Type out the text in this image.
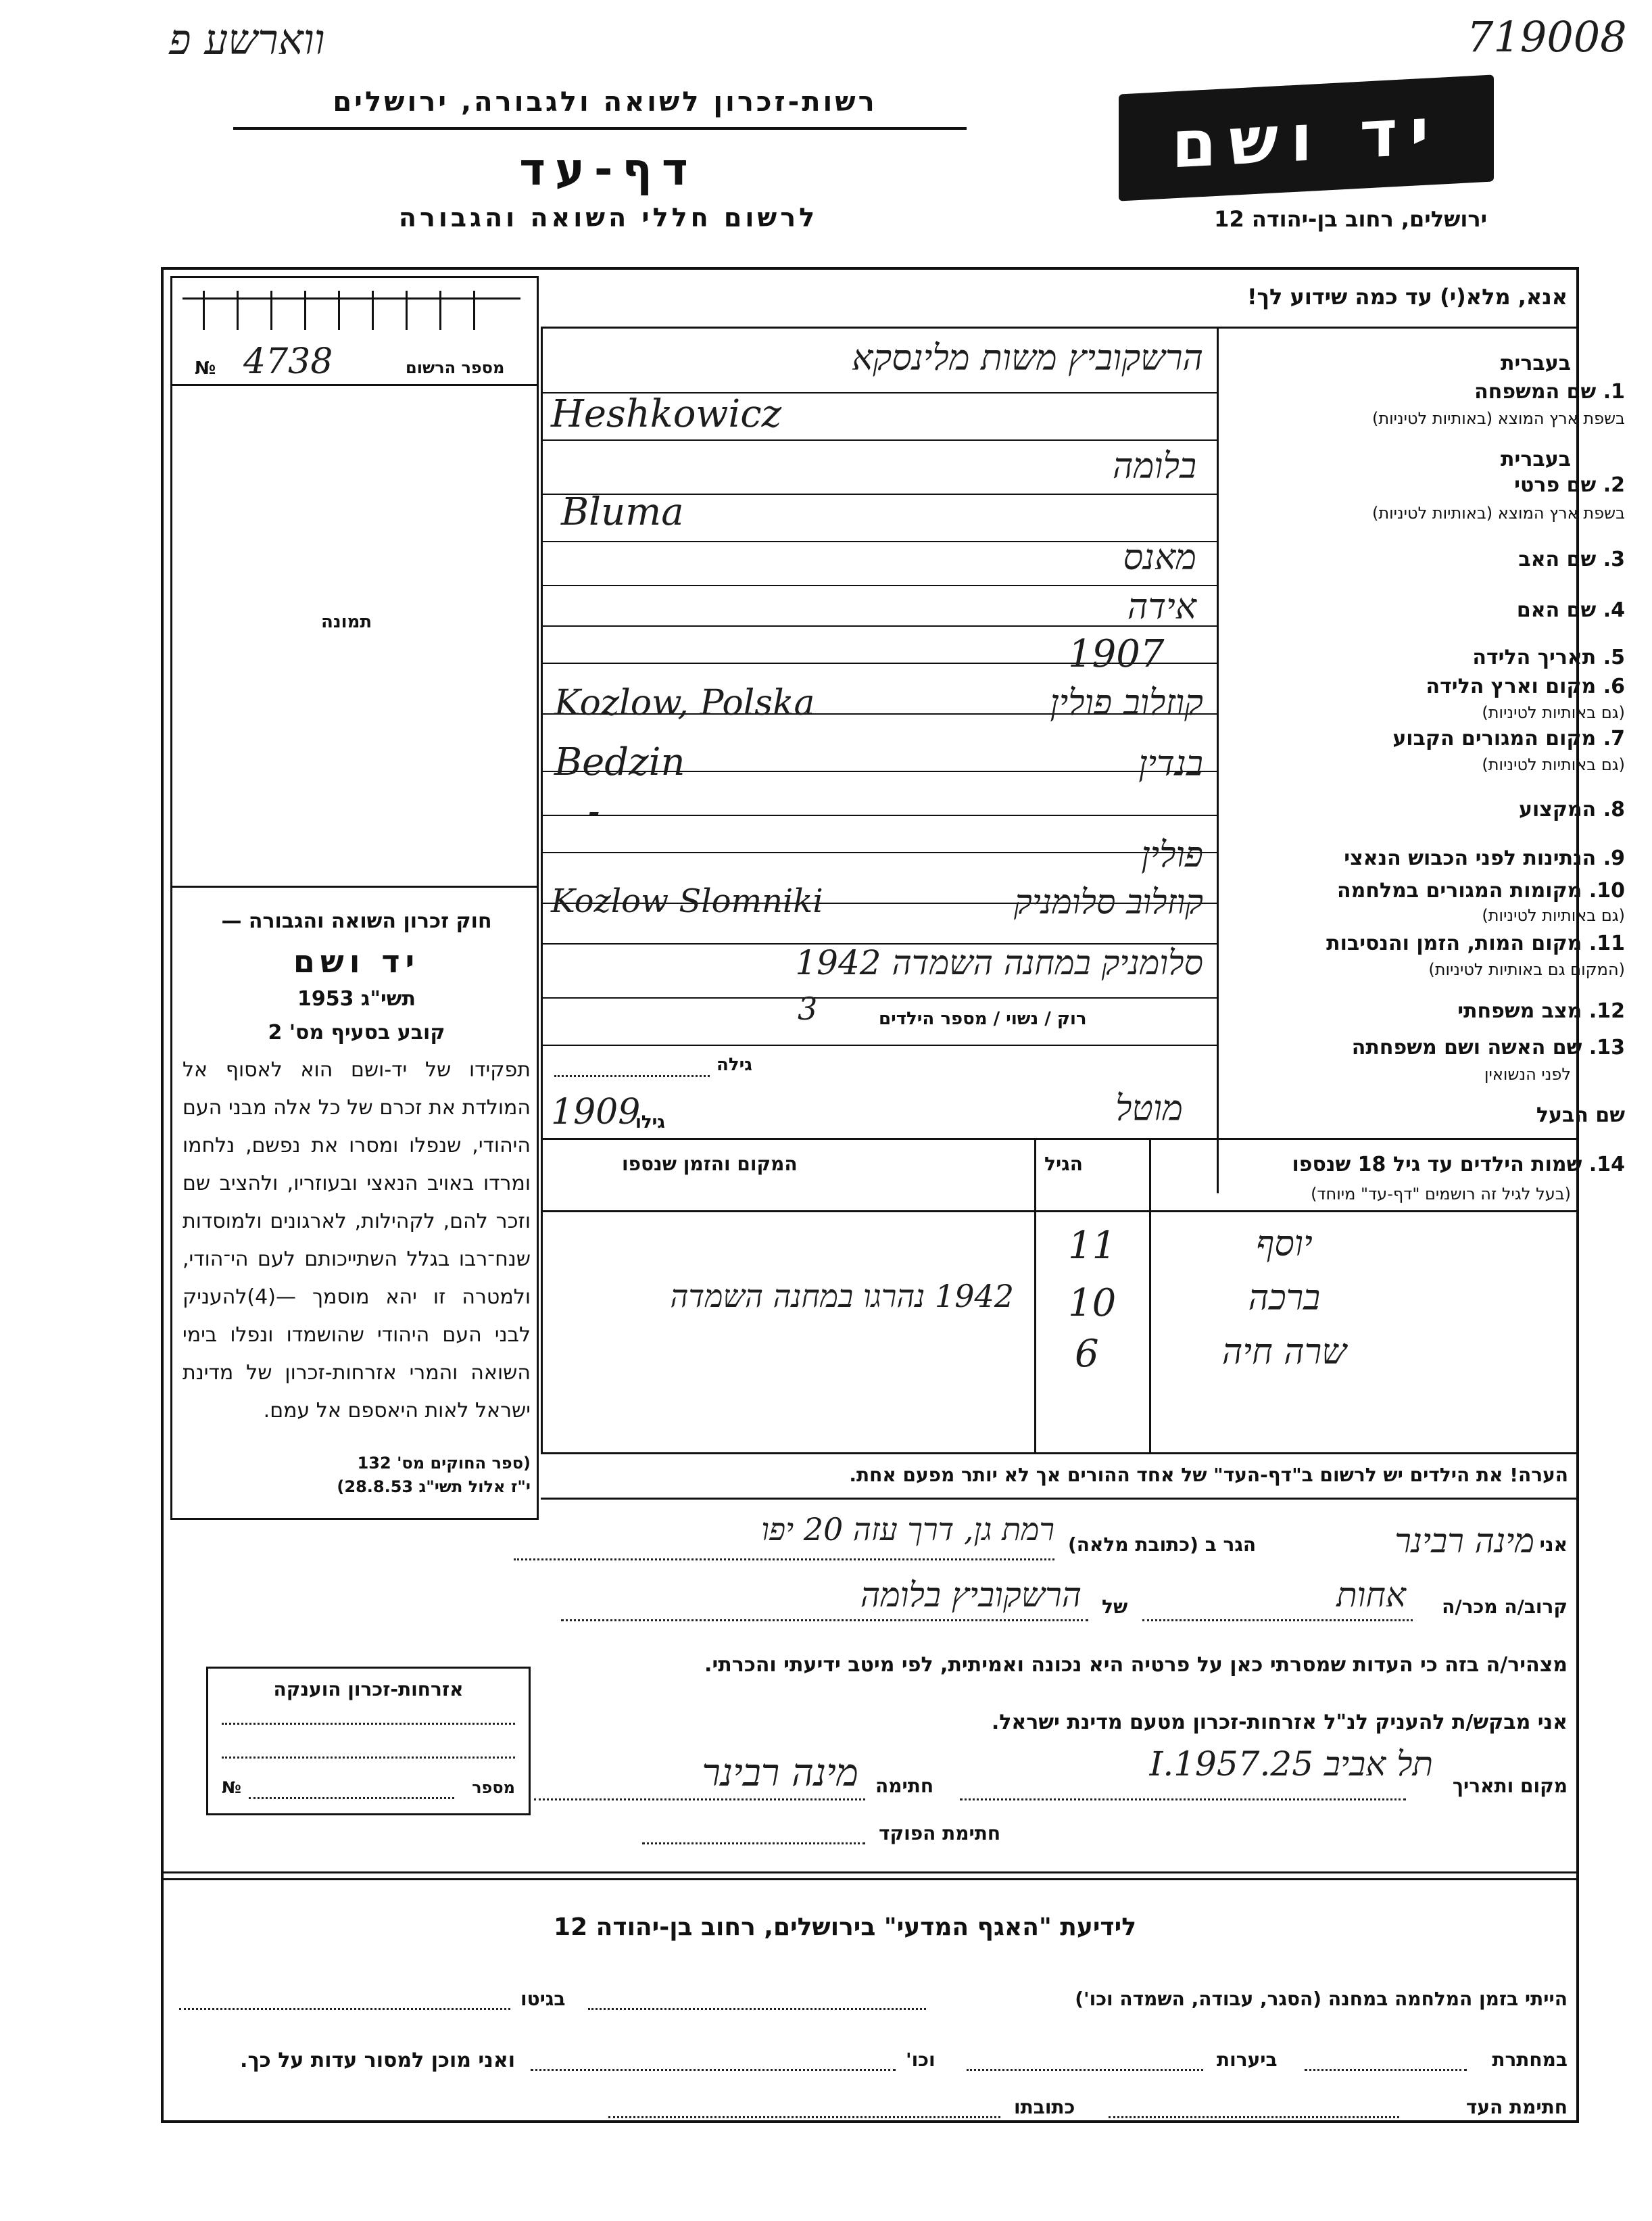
ווארשע פ	719008
רשות-זכרון לשואה ולגבורה, ירושלים
דף-עד
לרשום חללי השואה והגבורה
יד ושם
ירושלים, רחוב בן-יהודה 12
אנא, מלא(י) עד כמה שידוע לך!
מספר הרשום
4738
№
תמונה
חוק זכרון השואה והגבורה —
יד ושם
תשי"ג 1953
קובע בסעיף מס' 2
תפקידו של יד-ושם הוא לאסוף אל המולדת את זכרם של כל אלה מבני העם היהודי, שנפלו ומסרו את נפשם, נלחמו ומרדו באויב הנאצי ובעוזריו, ולהציב שם וזכר להם, לקהילות, לארגונים ולמוסדות שנח־רבו בגלל השתייכותם לעם הי־הודי, ולמטרה זו יהא מוסמך —(4)להעניק לבני העם היהודי שהושמדו ונפלו בימי השואה והמרי אזרחות-זכרון של מדינת ישראל לאות היאספם אל עמם.
(ספר החוקים מס' 132
י"ז אלול תשי"ג 28.8.53)
בעברית
1. שם המשפחה
בשפת ארץ המוצא (באותיות לטיניות)
בעברית
2. שם פרטי
בשפת ארץ המוצא (באותיות לטיניות)
3. שם האב
4. שם האם
5. תאריך הלידה
6. מקום וארץ הלידה
(גם באותיות לטיניות)
7. מקום המגורים הקבוע
(גם באותיות לטיניות)
8. המקצוע
9. הנתינות לפני הכבוש הנאצי
10. מקומות המגורים במלחמה
(גם באותיות לטיניות)
11. מקום המות, הזמן והנסיבות
(המקום גם באותיות לטיניות)
12. מצב משפחתי
13. שם האשה ושם משפחתה
לפני הנשואין
שם הבעל
הרשקוביץ משות מלינסקא
Heshkowicz
בלומה
Bluma
מאנס
אידה
1907
קוזלוב פולין
Kozlow, Polska
בנדין
Bedzin
-
פולין
קוזלוב סלומניק
Kozlow Slomniki
סלומניק במחנה השמדה 1942
רוק / נשוי / מספר הילדים
3
גילה
מוטל
גילו
1909
14. שמות הילדים עד גיל 18 שנספו
(בעל לגיל זה רושמים "דף-עד" מיוחד)
הגיל
המקום והזמן שנספו
יוסף
11
ברכה
10
1942 נהרגו במחנה השמדה
שרה חיה
6
הערה! את הילדים יש לרשום ב"דף-העד" של אחד ההורים אך לא יותר מפעם אחת.
אני
מינה רבינר
הגר ב (כתובת מלאה)
רמת גן, דרך עזה 20 יפו
קרוב/ה מכר/ה
אחות
של
הרשקוביץ בלומה
מצהיר/ה בזה כי העדות שמסרתי כאן על פרטיה היא נכונה ואמיתית, לפי מיטב ידיעתי והכרתי.
אני מבקש/ת להעניק לנ"ל אזרחות-זכרון מטעם מדינת ישראל.
מקום ותאריך
תל אביב 25.I.1957
חתימה
מינה רבינר
חתימת הפוקד
אזרחות-זכרון הוענקה
מספר
№
לידיעת "האגף המדעי" בירושלים, רחוב בן-יהודה 12
הייתי בזמן המלחמה במחנה (הסגר, עבודה, השמדה וכו')
בגיטו
במחתרת
ביערות
וכו'
ואני מוכן למסור עדות על כך.
חתימת העד
כתובתו
